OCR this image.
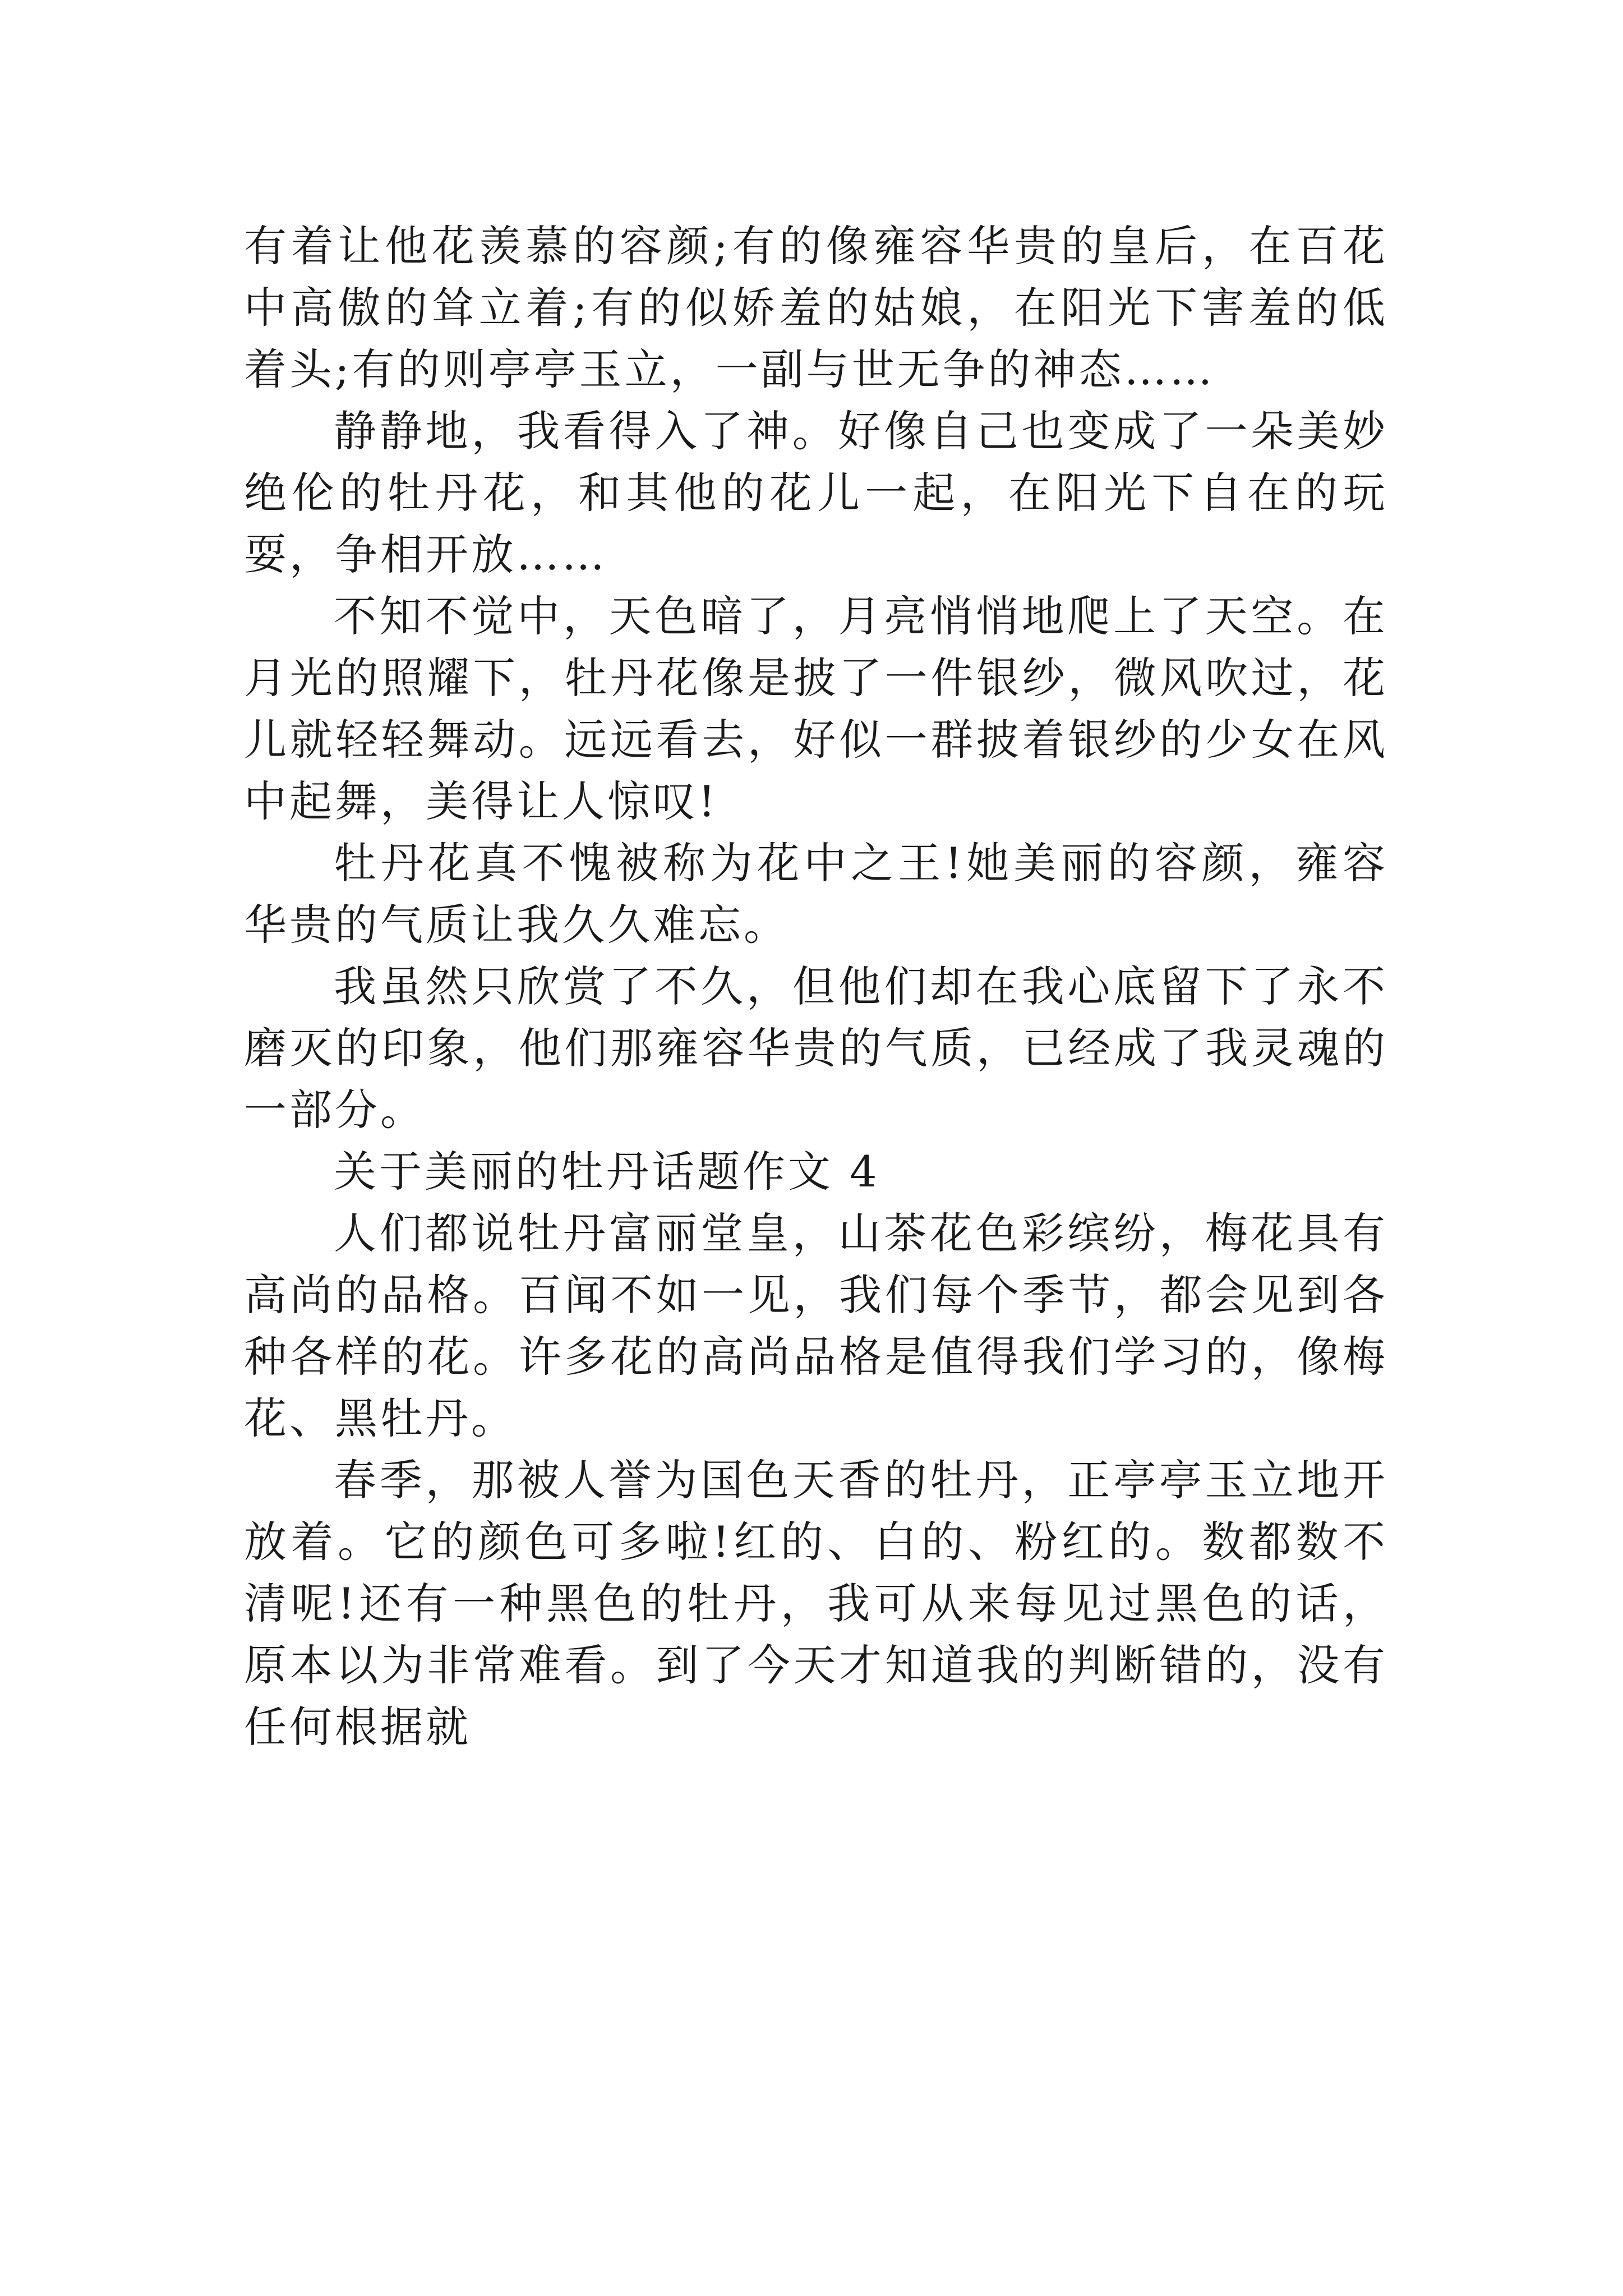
有着让他花羡慕的容颜;有的像雍容华贵的皇后，在百花中高傲的耸立着;有的似娇羞的姑娘，在阳光下害羞的低着头;有的则亭亭玉立，一副与世无争的神态……

静静地，我看得入了神。好像自己也变成了一朵美妙绝伦的牡丹花，和其他的花儿一起，在阳光下自在的玩耍，争相开放……

不知不觉中，天色暗了，月亮悄悄地爬上了天空。在月光的照耀下，牡丹花像是披了一件银纱，微风吹过，花儿就轻轻舞动。远远看去，好似一群披着银纱的少女在风中起舞，美得让人惊叹!

牡丹花真不愧被称为花中之王!她美丽的容颜，雍容华贵的气质让我久久难忘。

我虽然只欣赏了不久，但他们却在我心底留下了永不磨灭的印象，他们那雍容华贵的气质，已经成了我灵魂的一部分。

关于美丽的牡丹话题作文 4

人们都说牡丹富丽堂皇，山茶花色彩缤纷，梅花具有高尚的品格。百闻不如一见，我们每个季节，都会见到各种各样的花。许多花的高尚品格是值得我们学习的，像梅花、黑牡丹。

春季，那被人誉为国色天香的牡丹，正亭亭玉立地开放着。它的颜色可多啦!红的、白的、粉红的。数都数不清呢!还有一种黑色的牡丹，我可从来每见过黑色的话，原本以为非常难看。到了今天才知道我的判断错的，没有任何根据就
